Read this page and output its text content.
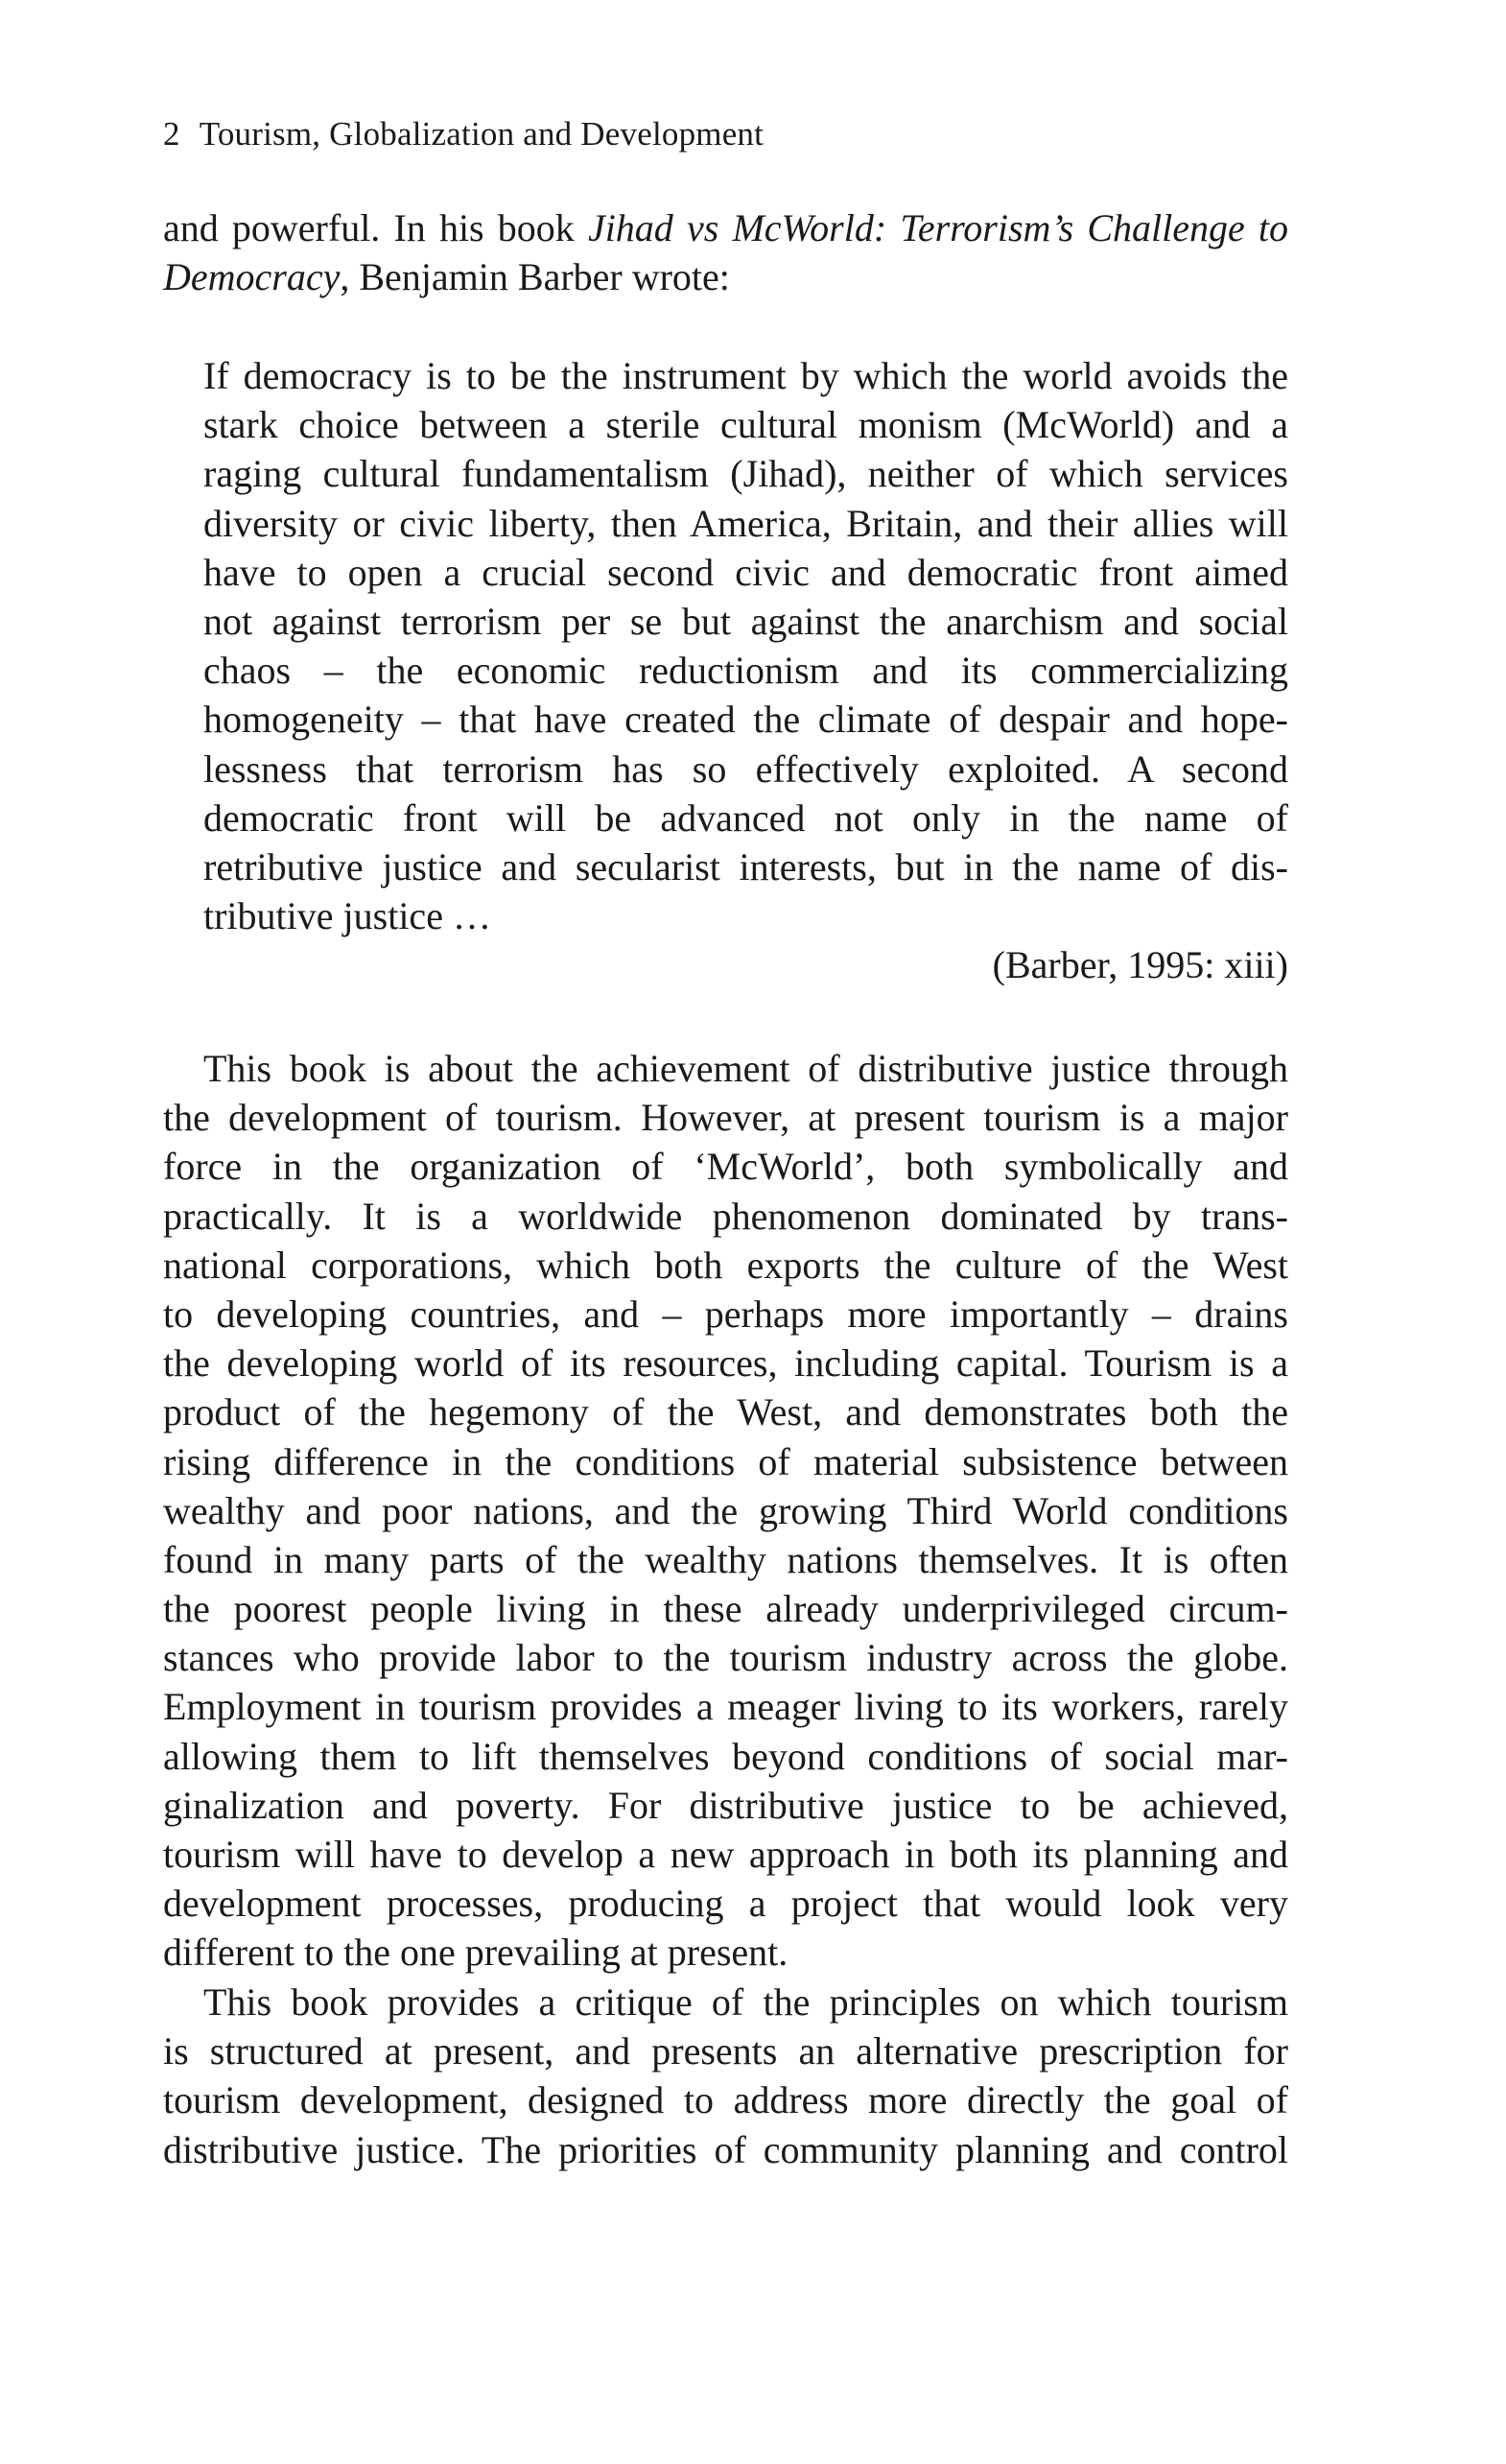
2 Tourism, Globalization and Development
and powerful. In his book Jihad vs McWorld: Terrorism’s Challenge to
Democracy, Benjamin Barber wrote:
If democracy is to be the instrument by which the world avoids the
stark choice between a sterile cultural monism (McWorld) and a
raging cultural fundamentalism (Jihad), neither of which services
diversity or civic liberty, then America, Britain, and their allies will
have to open a crucial second civic and democratic front aimed
not against terrorism per se but against the anarchism and social
chaos – the economic reductionism and its commercializing
homogeneity – that have created the climate of despair and hope-
lessness that terrorism has so effectively exploited. A second
democratic front will be advanced not only in the name of
retributive justice and secularist interests, but in the name of dis-
tributive justice …
(Barber, 1995: xiii)
This book is about the achievement of distributive justice through
the development of tourism. However, at present tourism is a major
force in the organization of ‘McWorld’, both symbolically and
practically. It is a worldwide phenomenon dominated by trans-
national corporations, which both exports the culture of the West
to developing countries, and – perhaps more importantly – drains
the developing world of its resources, including capital. Tourism is a
product of the hegemony of the West, and demonstrates both the
rising difference in the conditions of material subsistence between
wealthy and poor nations, and the growing Third World conditions
found in many parts of the wealthy nations themselves. It is often
the poorest people living in these already underprivileged circum-
stances who provide labor to the tourism industry across the globe.
Employment in tourism provides a meager living to its workers, rarely
allowing them to lift themselves beyond conditions of social mar-
ginalization and poverty. For distributive justice to be achieved,
tourism will have to develop a new approach in both its planning and
development processes, producing a project that would look very
different to the one prevailing at present.
This book provides a critique of the principles on which tourism
is structured at present, and presents an alternative prescription for
tourism development, designed to address more directly the goal of
distributive justice. The priorities of community planning and control
